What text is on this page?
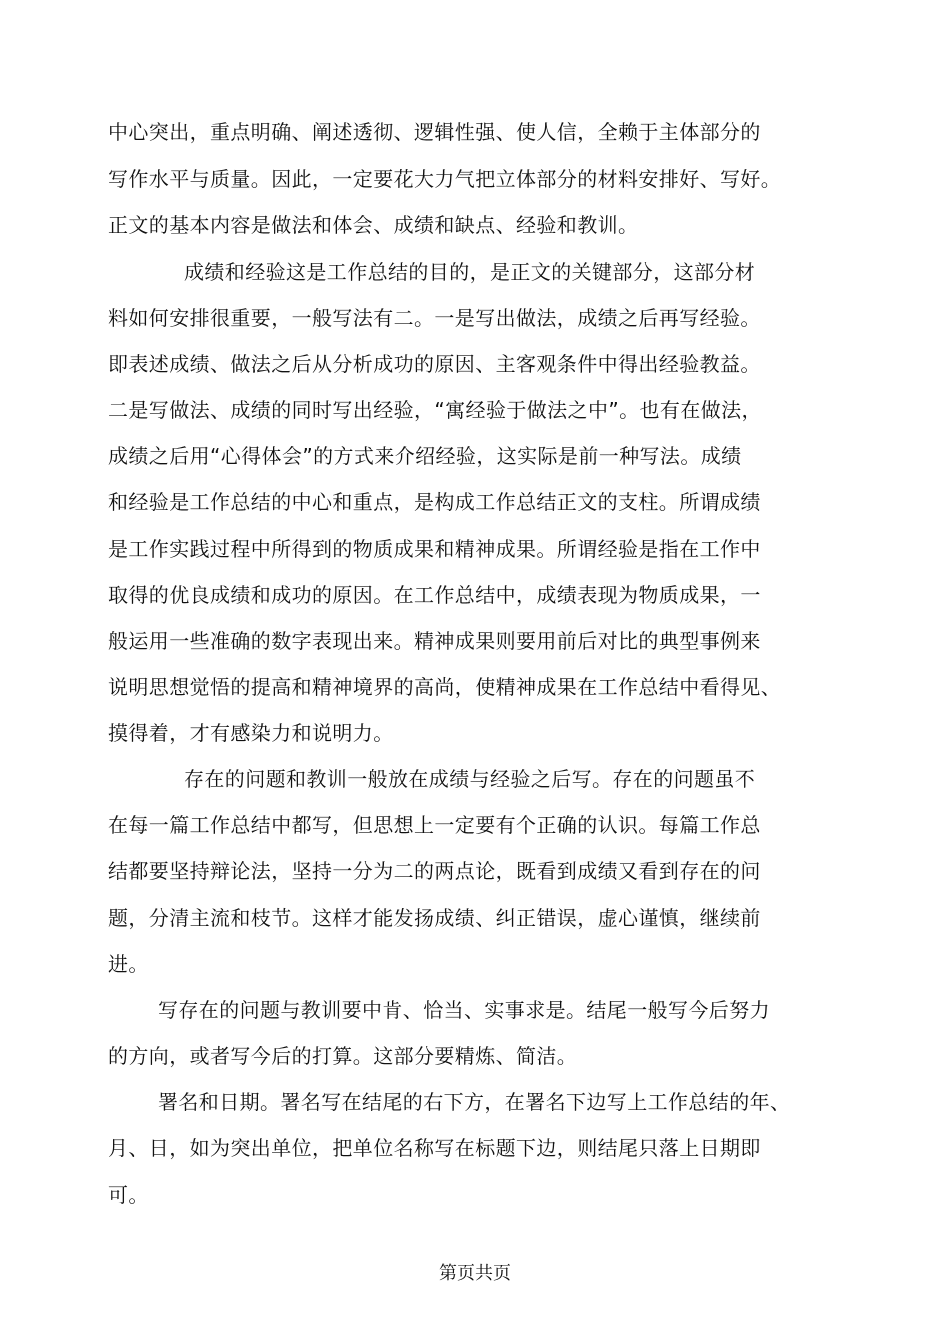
中心突出，重点明确、阐述透彻、逻辑性强、使人信，全赖于主体部分的
写作水平与质量。因此，一定要花大力气把立体部分的材料安排好、写好。
正文的基本内容是做法和体会、成绩和缺点、经验和教训。
成绩和经验这是工作总结的目的，是正文的关键部分，这部分材
料如何安排很重要，一般写法有二。一是写出做法，成绩之后再写经验。
即表述成绩、做法之后从分析成功的原因、主客观条件中得出经验教益。
二是写做法、成绩的同时写出经验，“寓经验于做法之中”。也有在做法，
成绩之后用“心得体会”的方式来介绍经验，这实际是前一种写法。成绩
和经验是工作总结的中心和重点，是构成工作总结正文的支柱。所谓成绩
是工作实践过程中所得到的物质成果和精神成果。所谓经验是指在工作中
取得的优良成绩和成功的原因。在工作总结中，成绩表现为物质成果，一
般运用一些准确的数字表现出来。精神成果则要用前后对比的典型事例来
说明思想觉悟的提高和精神境界的高尚，使精神成果在工作总结中看得见、
摸得着，才有感染力和说明力。
存在的问题和教训一般放在成绩与经验之后写。存在的问题虽不
在每一篇工作总结中都写，但思想上一定要有个正确的认识。每篇工作总
结都要坚持辩论法，坚持一分为二的两点论，既看到成绩又看到存在的问
题，分清主流和枝节。这样才能发扬成绩、纠正错误，虚心谨慎，继续前
进。
写存在的问题与教训要中肯、恰当、实事求是。结尾一般写今后努力
的方向，或者写今后的打算。这部分要精炼、简洁。
署名和日期。署名写在结尾的右下方，在署名下边写上工作总结的年、
月、日，如为突出单位，把单位名称写在标题下边，则结尾只落上日期即
可。
第页共页
